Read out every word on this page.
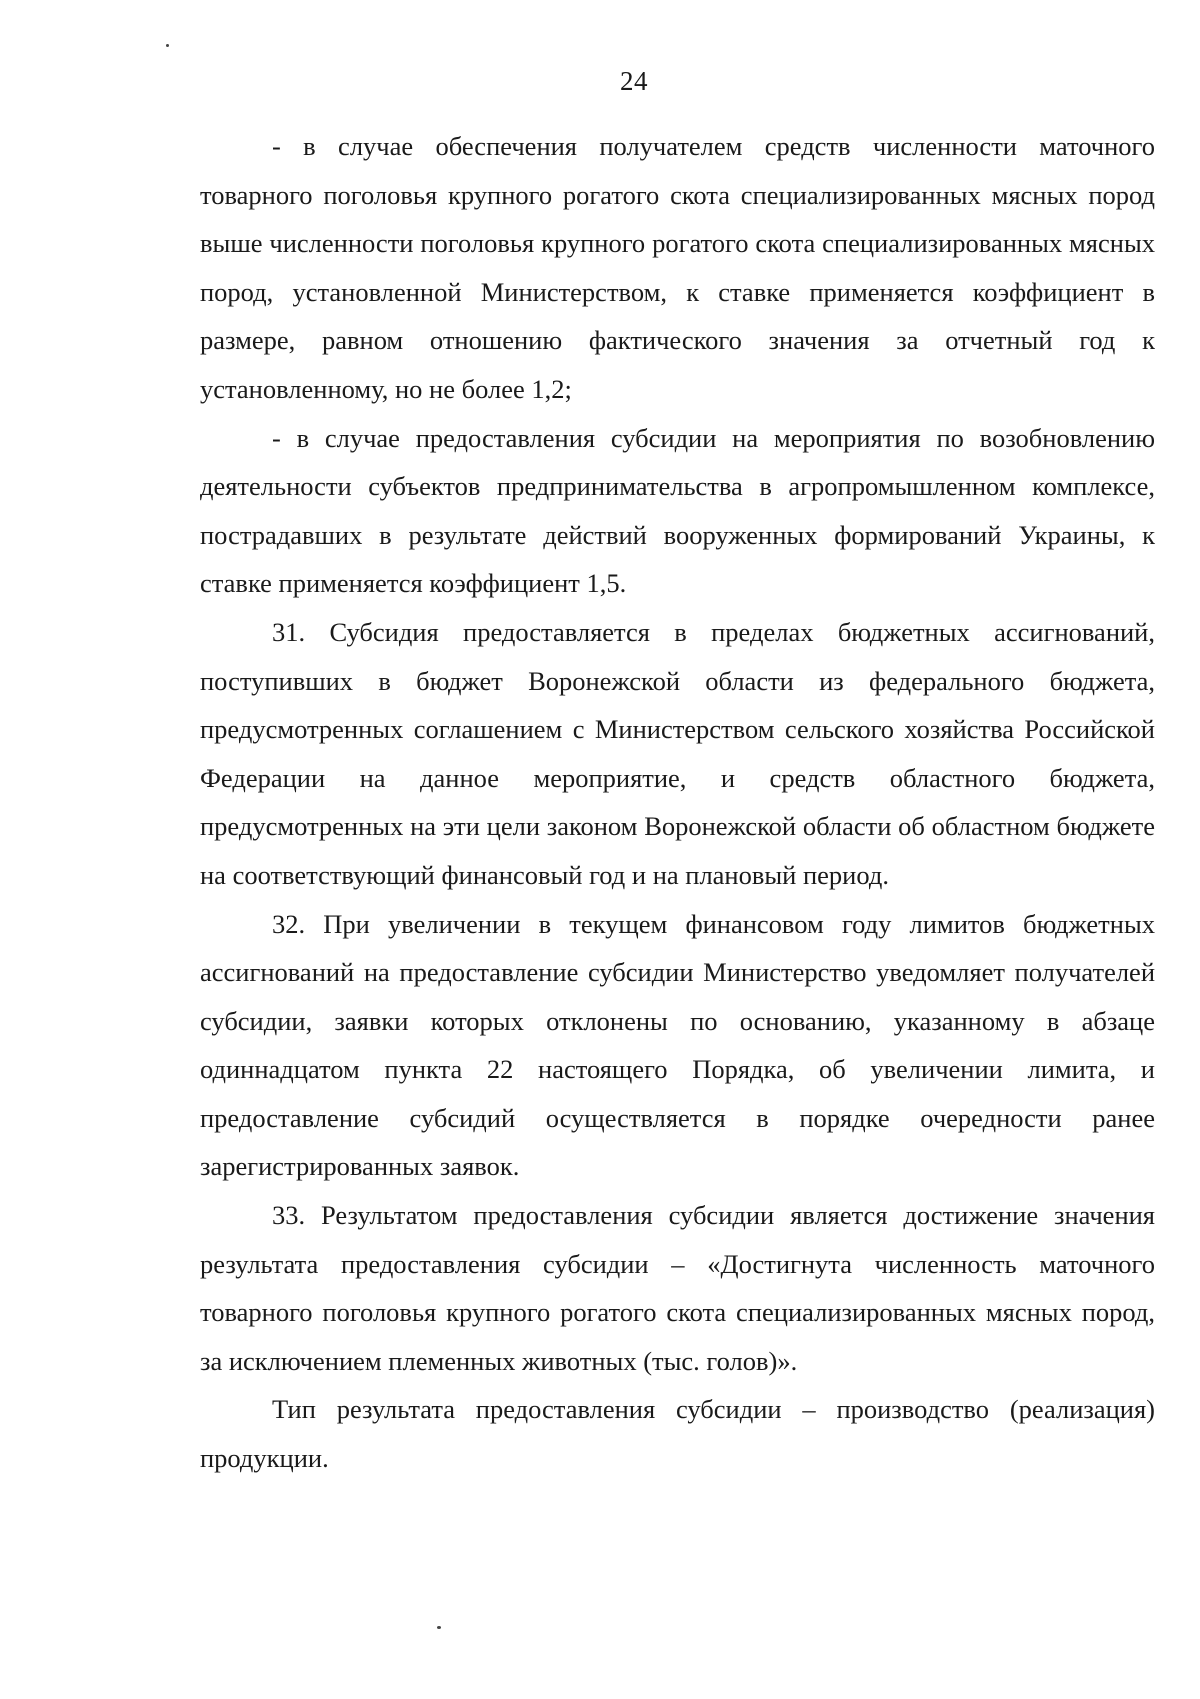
24

- в случае обеспечения получателем средств численности маточного товарного поголовья крупного рогатого скота специализированных мясных пород выше численности поголовья крупного рогатого скота специализированных мясных пород, установленной Министерством, к ставке применяется коэффициент в размере, равном отношению фактического значения за отчетный год к установленному, но не более 1,2;

- в случае предоставления субсидии на мероприятия по возобновлению деятельности субъектов предпринимательства в агропромышленном комплексе, пострадавших в результате действий вооруженных формирований Украины, к ставке применяется коэффициент 1,5.

31. Субсидия предоставляется в пределах бюджетных ассигнований, поступивших в бюджет Воронежской области из федерального бюджета, предусмотренных соглашением с Министерством сельского хозяйства Российской Федерации на данное мероприятие, и средств областного бюджета, предусмотренных на эти цели законом Воронежской области об областном бюджете на соответствующий финансовый год и на плановый период.

32. При увеличении в текущем финансовом году лимитов бюджетных ассигнований на предоставление субсидии Министерство уведомляет получателей субсидии, заявки которых отклонены по основанию, указанному в абзаце одиннадцатом пункта 22 настоящего Порядка, об увеличении лимита, и предоставление субсидий осуществляется в порядке очередности ранее зарегистрированных заявок.

33. Результатом предоставления субсидии является достижение значения результата предоставления субсидии – «Достигнута численность маточного товарного поголовья крупного рогатого скота специализированных мясных пород, за исключением племенных животных (тыс. голов)».

Тип результата предоставления субсидии – производство (реализация) продукции.
